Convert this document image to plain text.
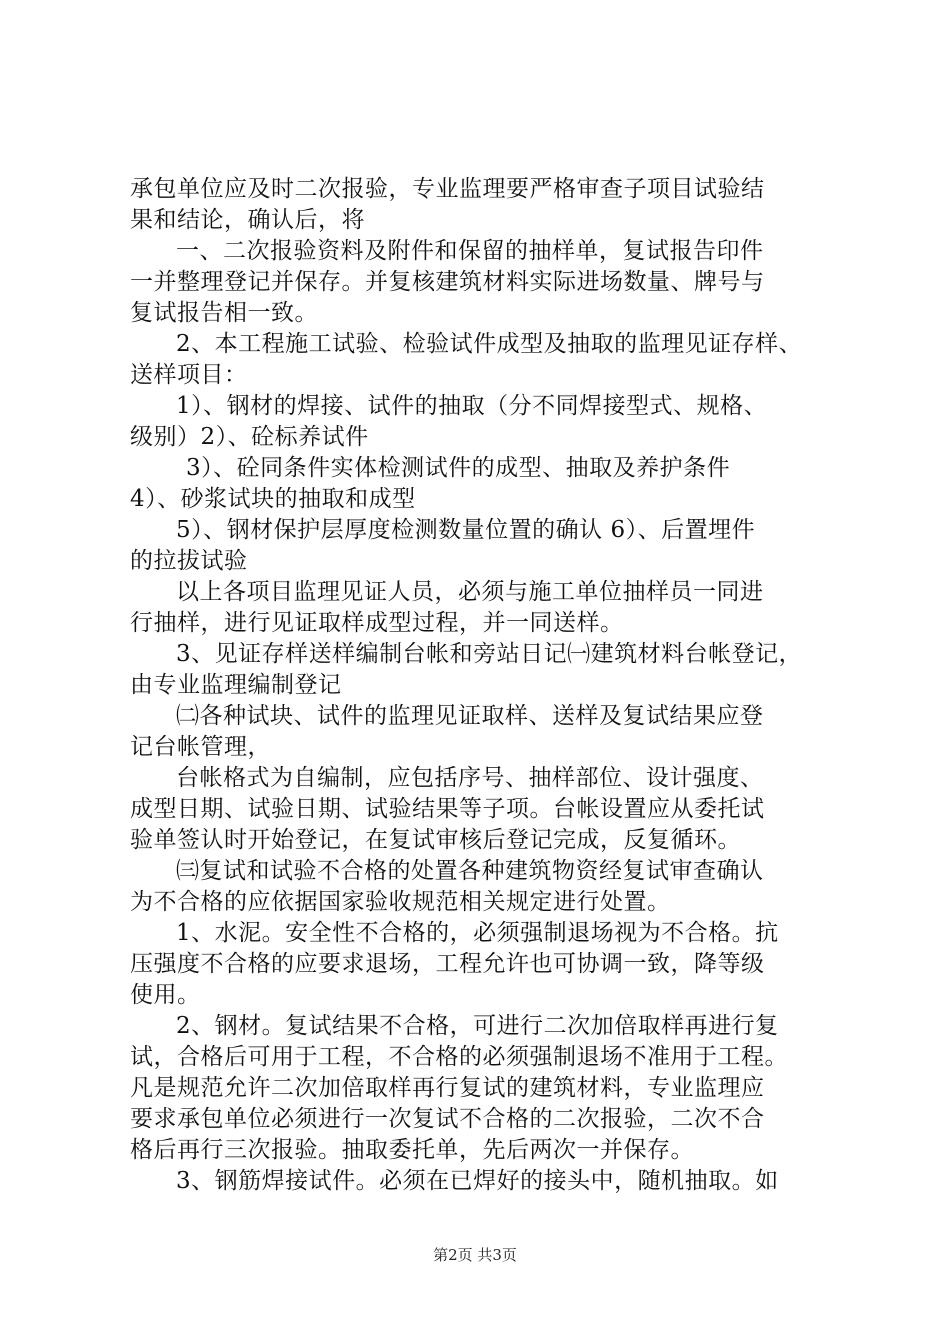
承包单位应及时二次报验，专业监理要严格审查子项目试验结
果和结论，确认后，将
一、二次报验资料及附件和保留的抽样单，复试报告印件
一并整理登记并保存。并复核建筑材料实际进场数量、牌号与
复试报告相一致。
2、本工程施工试验、检验试件成型及抽取的监理见证存样、
送样项目：
1）、钢材的焊接、试件的抽取（分不同焊接型式、规格、
级别）2）、砼标养试件
3）、砼同条件实体检测试件的成型、抽取及养护条件
4）、砂浆试块的抽取和成型
5）、钢材保护层厚度检测数量位置的确认 6）、后置埋件
的拉拔试验
以上各项目监理见证人员，必须与施工单位抽样员一同进
行抽样，进行见证取样成型过程，并一同送样。
3、见证存样送样编制台帐和旁站日记㈠建筑材料台帐登记，
由专业监理编制登记
㈡各种试块、试件的监理见证取样、送样及复试结果应登
记台帐管理，
台帐格式为自编制，应包括序号、抽样部位、设计强度、
成型日期、试验日期、试验结果等子项。台帐设置应从委托试
验单签认时开始登记，在复试审核后登记完成，反复循环。
㈢复试和试验不合格的处置各种建筑物资经复试审查确认
为不合格的应依据国家验收规范相关规定进行处置。
1、水泥。安全性不合格的，必须强制退场视为不合格。抗
压强度不合格的应要求退场，工程允许也可协调一致，降等级
使用。
2、钢材。复试结果不合格，可进行二次加倍取样再进行复
试，合格后可用于工程，不合格的必须强制退场不准用于工程。
凡是规范允许二次加倍取样再行复试的建筑材料，专业监理应
要求承包单位必须进行一次复试不合格的二次报验，二次不合
格后再行三次报验。抽取委托单，先后两次一并保存。
3、钢筋焊接试件。必须在已焊好的接头中，随机抽取。如
第2页 共3页
